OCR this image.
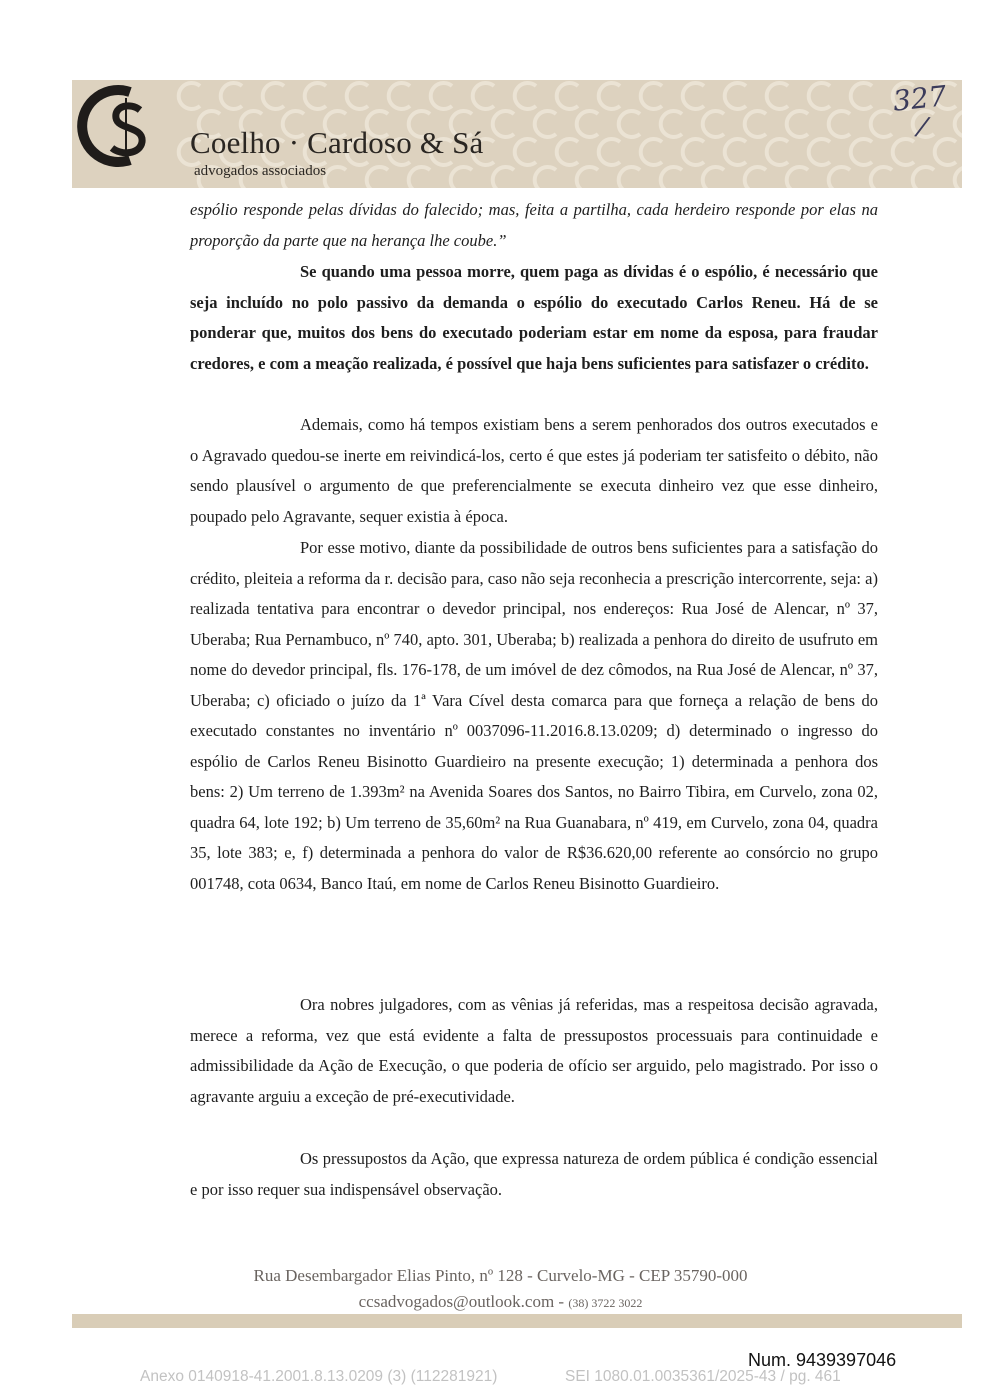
Coelho · Cardoso & Sá
advogados associados
327
/

espólio responde pelas dívidas do falecido; mas, feita a partilha, cada herdeiro responde por elas na proporção da parte que na herança lhe coube.”

Se quando uma pessoa morre, quem paga as dívidas é o espólio, é necessário que seja incluído no polo passivo da demanda o espólio do executado Carlos Reneu. Há de se ponderar que, muitos dos bens do executado poderiam estar em nome da esposa, para fraudar credores, e com a meação realizada, é possível que haja bens suficientes para satisfazer o crédito.

Ademais, como há tempos existiam bens a serem penhorados dos outros executados e o Agravado quedou-se inerte em reivindicá-los, certo é que estes já poderiam ter satisfeito o débito, não sendo plausível o argumento de que preferencialmente se executa dinheiro vez que esse dinheiro, poupado pelo Agravante, sequer existia à época.

Por esse motivo, diante da possibilidade de outros bens suficientes para a satisfação do crédito, pleiteia a reforma da r. decisão para, caso não seja reconhecia a prescrição intercorrente, seja: a) realizada tentativa para encontrar o devedor principal, nos endereços: Rua José de Alencar, nº 37, Uberaba; Rua Pernambuco, nº 740, apto. 301, Uberaba; b) realizada a penhora do direito de usufruto em nome do devedor principal, fls. 176-178, de um imóvel de dez cômodos, na Rua José de Alencar, nº 37, Uberaba; c) oficiado o juízo da 1ª Vara Cível desta comarca para que forneça a relação de bens do executado constantes no inventário nº 0037096-11.2016.8.13.0209; d) determinado o ingresso do espólio de Carlos Reneu Bisinotto Guardieiro na presente execução; 1) determinada a penhora dos bens: 2) Um terreno de 1.393m² na Avenida Soares dos Santos, no Bairro Tibira, em Curvelo, zona 02, quadra 64, lote 192; b) Um terreno de 35,60m² na Rua Guanabara, nº 419, em Curvelo, zona 04, quadra 35, lote 383; e, f) determinada a penhora do valor de R$36.620,00 referente ao consórcio no grupo 001748, cota 0634, Banco Itaú, em nome de Carlos Reneu Bisinotto Guardieiro.

Ora nobres julgadores, com as vênias já referidas, mas a respeitosa decisão agravada, merece a reforma, vez que está evidente a falta de pressupostos processuais para continuidade e admissibilidade da Ação de Execução, o que poderia de ofício ser arguido, pelo magistrado. Por isso o agravante arguiu a exceção de pré-executividade.

Os pressupostos da Ação, que expressa natureza de ordem pública é condição essencial e por isso requer sua indispensável observação.

Rua Desembargador Elias Pinto, nº 128 - Curvelo-MG - CEP 35790-000
ccsadvogados@outlook.com - (38) 3722 3022
Num. 9439397046
Anexo 0140918-41.2001.8.13.0209 (3) (112281921)	SEI 1080.01.0035361/2025-43 / pg. 461
